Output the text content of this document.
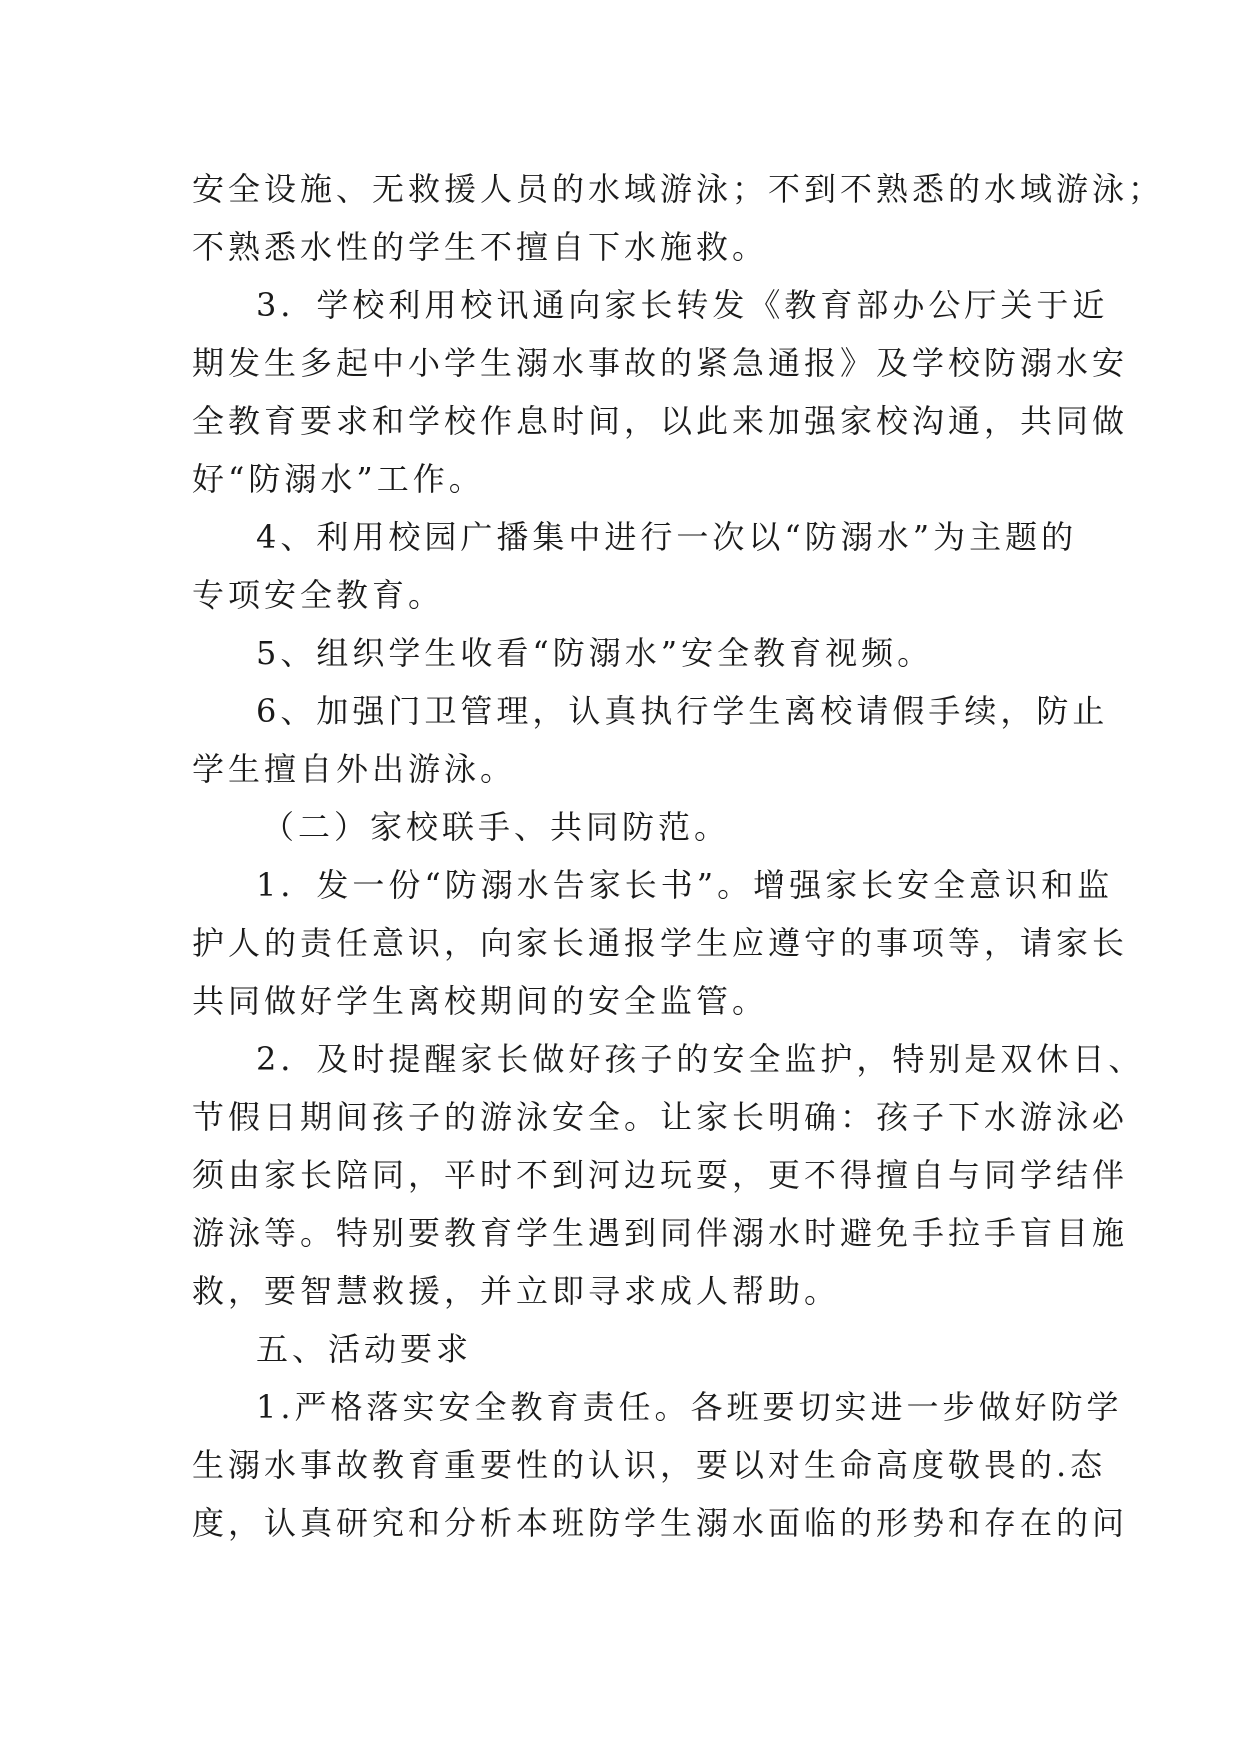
安全设施、无救援人员的水域游泳；不到不熟悉的水域游泳；

不熟悉水性的学生不擅自下水施救。

3．学校利用校讯通向家长转发《教育部办公厅关于近

期发生多起中小学生溺水事故的紧急通报》及学校防溺水安

全教育要求和学校作息时间，以此来加强家校沟通，共同做

好“防溺水”工作。

4、利用校园广播集中进行一次以“防溺水”为主题的

专项安全教育。

5、组织学生收看“防溺水”安全教育视频。

6、加强门卫管理，认真执行学生离校请假手续，防止

学生擅自外出游泳。

（二）家校联手、共同防范。

1．发一份“防溺水告家长书”。增强家长安全意识和监

护人的责任意识，向家长通报学生应遵守的事项等，请家长

共同做好学生离校期间的安全监管。

2．及时提醒家长做好孩子的安全监护，特别是双休日、

节假日期间孩子的游泳安全。让家长明确：孩子下水游泳必

须由家长陪同，平时不到河边玩耍，更不得擅自与同学结伴

游泳等。特别要教育学生遇到同伴溺水时避免手拉手盲目施

救，要智慧救援，并立即寻求成人帮助。

五、活动要求

1.严格落实安全教育责任。各班要切实进一步做好防学

生溺水事故教育重要性的认识，要以对生命高度敬畏的.态

度，认真研究和分析本班防学生溺水面临的形势和存在的问
